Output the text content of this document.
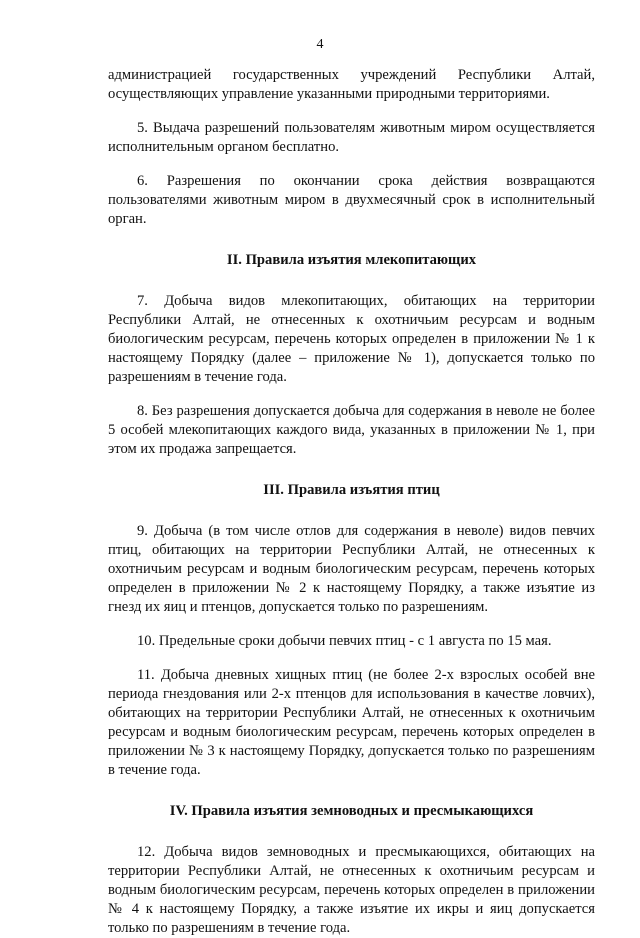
4

администрацией государственных учреждений Республики Алтай, осуществляющих управление указанными природными территориями.

5. Выдача разрешений пользователям животным миром осуществляется исполнительным органом бесплатно.

6. Разрешения по окончании срока действия возвращаются пользователями животным миром в двухмесячный срок в исполнительный орган.

II. Правила изъятия млекопитающих

7. Добыча видов млекопитающих, обитающих на территории Республики Алтай, не отнесенных к охотничьим ресурсам и водным биологическим ресурсам, перечень которых определен в приложении № 1 к настоящему Порядку (далее – приложение № 1), допускается только по разрешениям в течение года.

8. Без разрешения допускается добыча для содержания в неволе не более 5 особей млекопитающих каждого вида, указанных в приложении № 1, при этом их продажа запрещается.

III. Правила изъятия птиц

9. Добыча (в том числе отлов для содержания в неволе) видов певчих птиц, обитающих на территории Республики Алтай, не отнесенных к охотничьим ресурсам и водным биологическим ресурсам, перечень которых определен в приложении № 2 к настоящему Порядку, а также изъятие из гнезд их яиц и птенцов, допускается только по разрешениям.

10. Предельные сроки добычи певчих птиц - с 1 августа по 15 мая.

11. Добыча дневных хищных птиц (не более 2-х взрослых особей вне периода гнездования или 2-х птенцов для использования в качестве ловчих), обитающих на территории Республики Алтай, не отнесенных к охотничьим ресурсам и водным биологическим ресурсам, перечень которых определен в приложении № 3 к настоящему Порядку, допускается только по разрешениям в течение года.

IV. Правила изъятия земноводных и пресмыкающихся

12. Добыча видов земноводных и пресмыкающихся, обитающих на территории Республики Алтай, не отнесенных к охотничьим ресурсам и водным биологическим ресурсам, перечень которых определен в приложении № 4 к настоящему Порядку, а также изъятие их икры и яиц допускается только по разрешениям в течение года.
